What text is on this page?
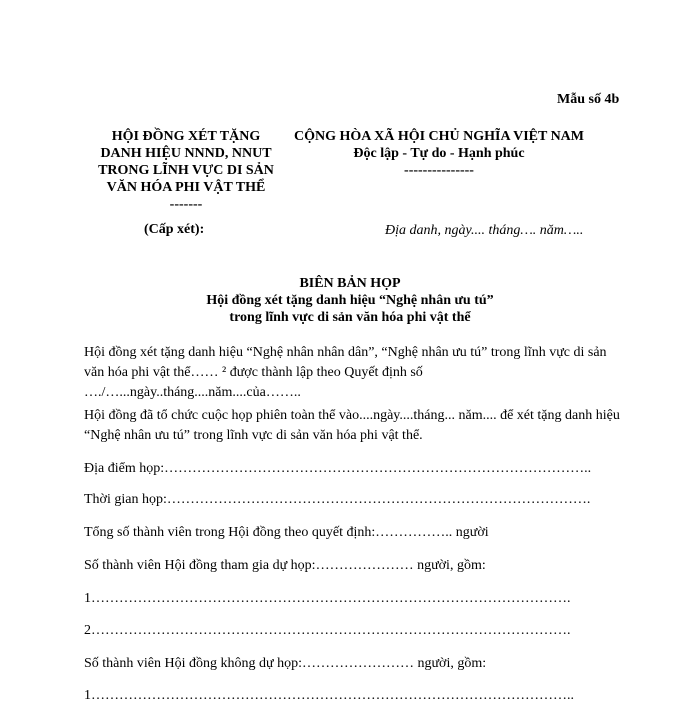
Mẫu số 4b
HỘI ĐỒNG XÉT TẶNG
DANH HIỆU NNND, NNUT
TRONG LĨNH VỰC DI SẢN
VĂN HÓA PHI VẬT THỂ
-------
(Cấp xét):
CỘNG HÒA XÃ HỘI CHỦ NGHĨA VIỆT NAM
Độc lập - Tự do - Hạnh phúc
---------------
Địa danh, ngày.... tháng…. năm…..
BIÊN BẢN HỌP
Hội đồng xét tặng danh hiệu “Nghệ nhân ưu tú”
trong lĩnh vực di sản văn hóa phi vật thể
Hội đồng xét tặng danh hiệu “Nghệ nhân nhân dân”, “Nghệ nhân ưu tú” trong lĩnh vực di sản
văn hóa phi vật thể…… ² được thành lập theo Quyết định số
…./…...ngày..tháng....năm....của……..
Hội đồng đã tổ chức cuộc họp phiên toàn thể vào....ngày....tháng... năm.... để xét tặng danh hiệu
“Nghệ nhân ưu tú” trong lĩnh vực di sản văn hóa phi vật thể.
Địa điểm họp:………………………………………………………………………………..
Thời gian họp:……………………………………………………………………………….
Tổng số thành viên trong Hội đồng theo quyết định:…………….. người
Số thành viên Hội đồng tham gia dự họp:………………… người, gồm:
1………………………………………………………………………………………….
2………………………………………………………………………………………….
Số thành viên Hội đồng không dự họp:…………………… người, gồm:
1…………………………………………………………………………………………..
